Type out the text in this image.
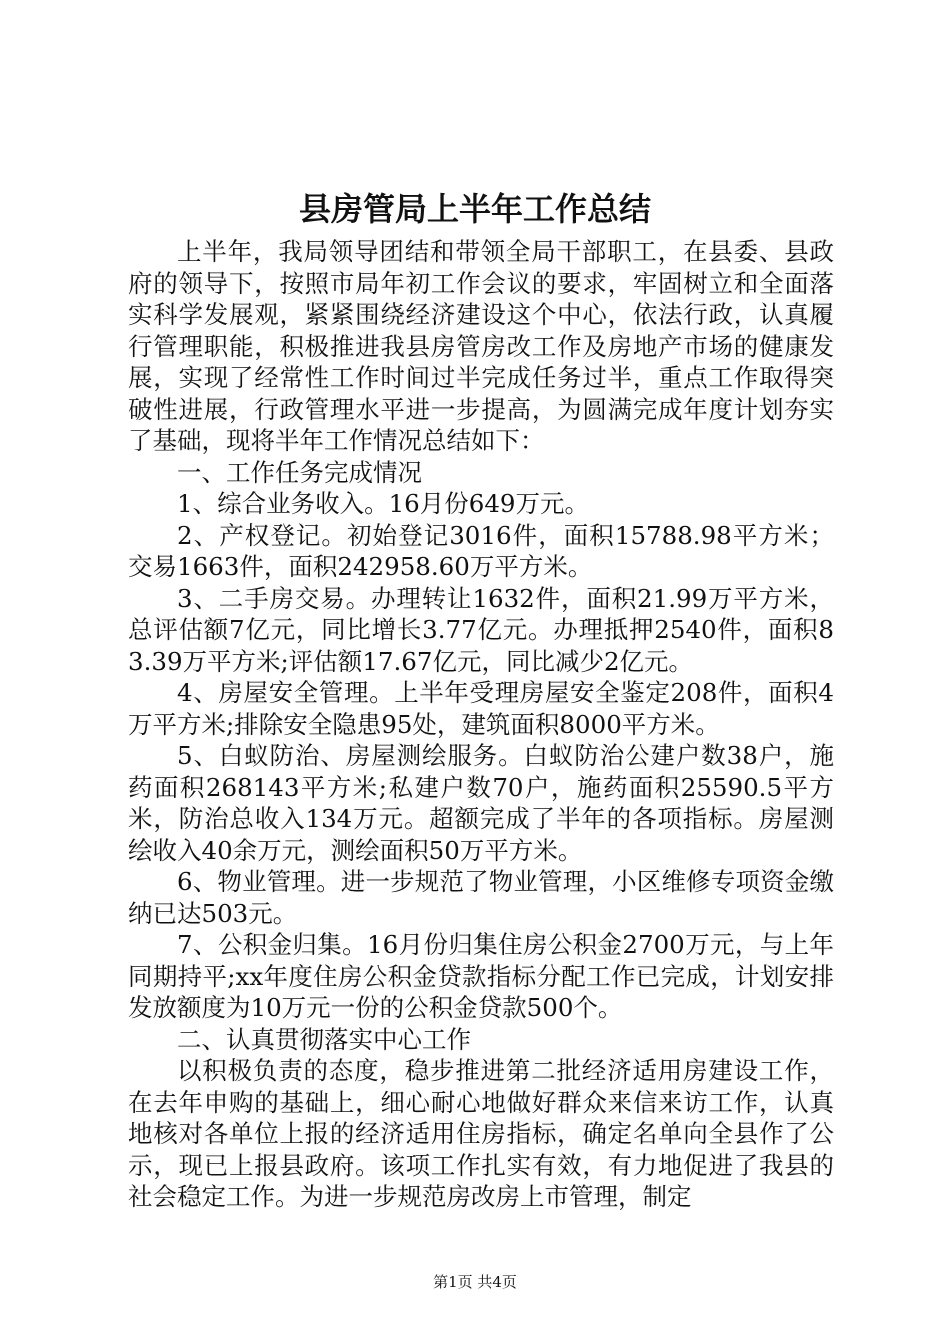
县房管局上半年工作总结

上半年，我局领导团结和带领全局干部职工，在县委、县政府的领导下，按照市局年初工作会议的要求，牢固树立和全面落实科学发展观，紧紧围绕经济建设这个中心，依法行政，认真履行管理职能，积极推进我县房管房改工作及房地产市场的健康发展，实现了经常性工作时间过半完成任务过半，重点工作取得突破性进展，行政管理水平进一步提高，为圆满完成年度计划夯实了基础，现将半年工作情况总结如下：

一、工作任务完成情况

1、综合业务收入。16月份649万元。

2、产权登记。初始登记3016件，面积15788.98平方米；交易1663件，面积242958.60万平方米。

3、二手房交易。办理转让1632件，面积21.99万平方米，总评估额7亿元，同比增长3.77亿元。办理抵押2540件，面积83.39万平方米;评估额17.67亿元，同比减少2亿元。

4、房屋安全管理。上半年受理房屋安全鉴定208件，面积4万平方米;排除安全隐患95处，建筑面积8000平方米。

5、白蚁防治、房屋测绘服务。白蚁防治公建户数38户，施药面积268143平方米;私建户数70户，施药面积25590.5平方米，防治总收入134万元。超额完成了半年的各项指标。房屋测绘收入40余万元，测绘面积50万平方米。

6、物业管理。进一步规范了物业管理，小区维修专项资金缴纳已达503元。

7、公积金归集。16月份归集住房公积金2700万元，与上年同期持平;xx年度住房公积金贷款指标分配工作已完成，计划安排发放额度为10万元一份的公积金贷款500个。

二、认真贯彻落实中心工作

以积极负责的态度，稳步推进第二批经济适用房建设工作，在去年申购的基础上，细心耐心地做好群众来信来访工作，认真地核对各单位上报的经济适用住房指标，确定名单向全县作了公示，现已上报县政府。该项工作扎实有效，有力地促进了我县的社会稳定工作。为进一步规范房改房上市管理，制定

第1页 共4页
